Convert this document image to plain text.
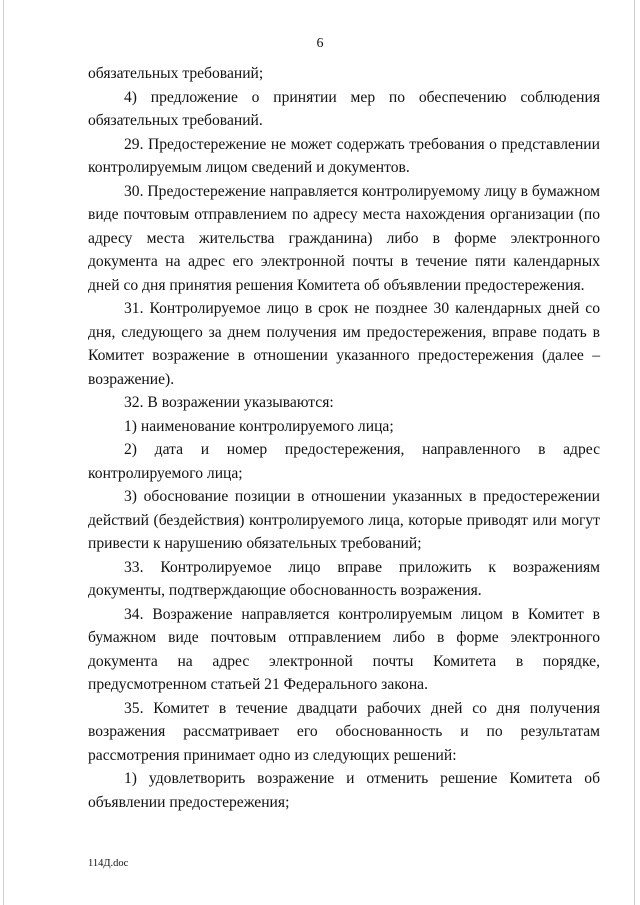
6

обязательных требований;

4) предложение о принятии мер по обеспечению соблюдения обязательных требований.

29. Предостережение не может содержать требования о представлении контролируемым лицом сведений и документов.

30. Предостережение направляется контролируемому лицу в бумажном виде почтовым отправлением по адресу места нахождения организации (по адресу места жительства гражданина) либо в форме электронного документа на адрес его электронной почты в течение пяти календарных дней со дня принятия решения Комитета об объявлении предостережения.

31. Контролируемое лицо в срок не позднее 30 календарных дней со дня, следующего за днем получения им предостережения, вправе подать в Комитет возражение в отношении указанного предостережения (далее – возражение).

32. В возражении указываются:

1) наименование контролируемого лица;

2) дата и номер предостережения, направленного в адрес контролируемого лица;

3) обоснование позиции в отношении указанных в предостережении действий (бездействия) контролируемого лица, которые приводят или могут привести к нарушению обязательных требований;

33. Контролируемое лицо вправе приложить к возражениям документы, подтверждающие обоснованность возражения.

34. Возражение направляется контролируемым лицом в Комитет в бумажном виде почтовым отправлением либо в форме электронного документа на адрес электронной почты Комитета в порядке, предусмотренном статьей 21 Федерального закона.

35. Комитет в течение двадцати рабочих дней со дня получения возражения рассматривает его обоснованность и по результатам рассмотрения принимает одно из следующих решений:

1) удовлетворить возражение и отменить решение Комитета об объявлении предостережения;

114Д.doc
